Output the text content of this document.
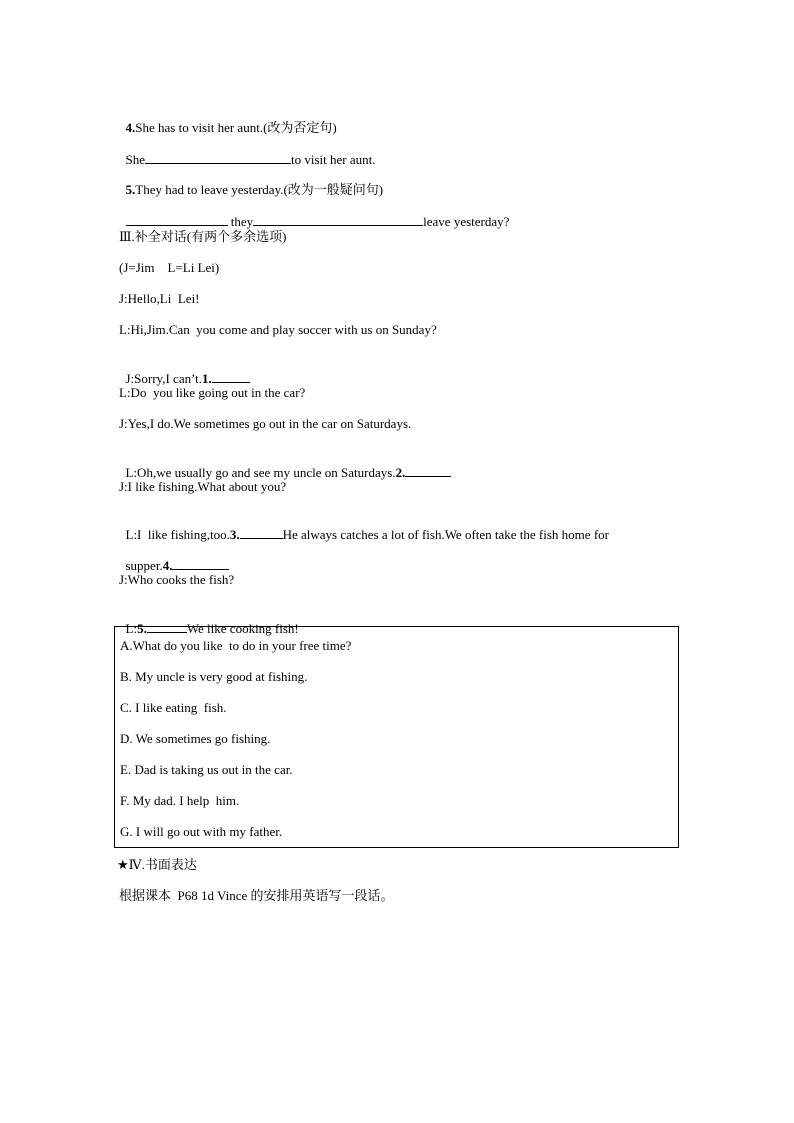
4.She has to visit her aunt.(改为否定句)

She	to visit her aunt.

5.They had to leave yesterday.(改为一般疑问句)

they	leave yesterday?

Ⅲ.补全对话(有两个多余选项)
(J=Jim    L=Li Lei)
J:Hello,Li  Lei!
L:Hi,Jim.Can  you come and play soccer with us on Sunday?

J:Sorry,I can’t.1.

L:Do  you like going out in the car?
J:Yes,I do.We sometimes go out in the car on Saturdays.

L:Oh,we usually go and see my uncle on Saturdays.2.

J:I like fishing.What about you?

L:I  like fishing,too.3.	He always catches a lot of fish.We often take the fish home for

supper.4.

J:Who cooks the fish?

L:5.	We like cooking fish!

A.What do you like  to do in your free time?
B. My uncle is very good at fishing.
C. I like eating  fish.
D. We sometimes go fishing.
E. Dad is taking us out in the car.
F. My dad. I help  him.
G. I will go out with my father.
★Ⅳ.书面表达
根据课本  P68 1d Vince 的安排用英语写一段话。
